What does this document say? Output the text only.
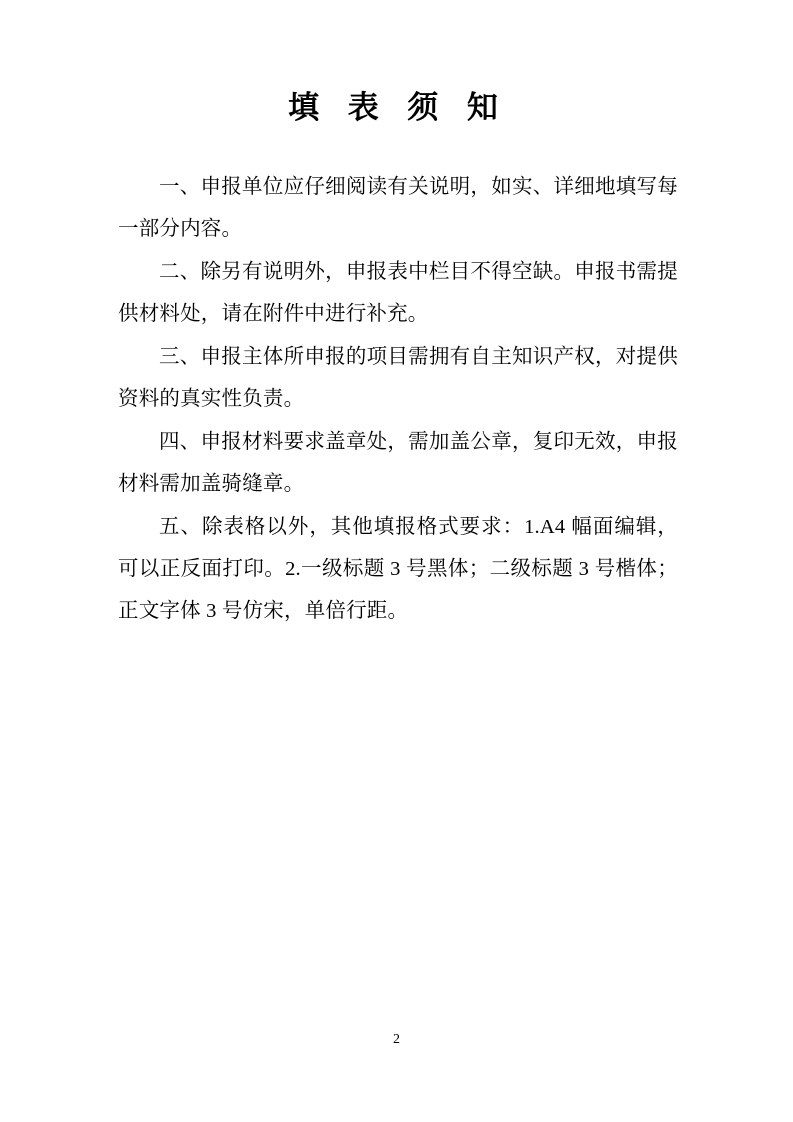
填 表 须 知

一、申报单位应仔细阅读有关说明，如实、详细地填写每一部分内容。

二、除另有说明外，申报表中栏目不得空缺。申报书需提供材料处，请在附件中进行补充。

三、申报主体所申报的项目需拥有自主知识产权，对提供资料的真实性负责。

四、申报材料要求盖章处，需加盖公章，复印无效，申报材料需加盖骑缝章。

五、除表格以外，其他填报格式要求：1.A4 幅面编辑，可以正反面打印。2.一级标题 3 号黑体；二级标题 3 号楷体；正文字体 3 号仿宋，单倍行距。

2
